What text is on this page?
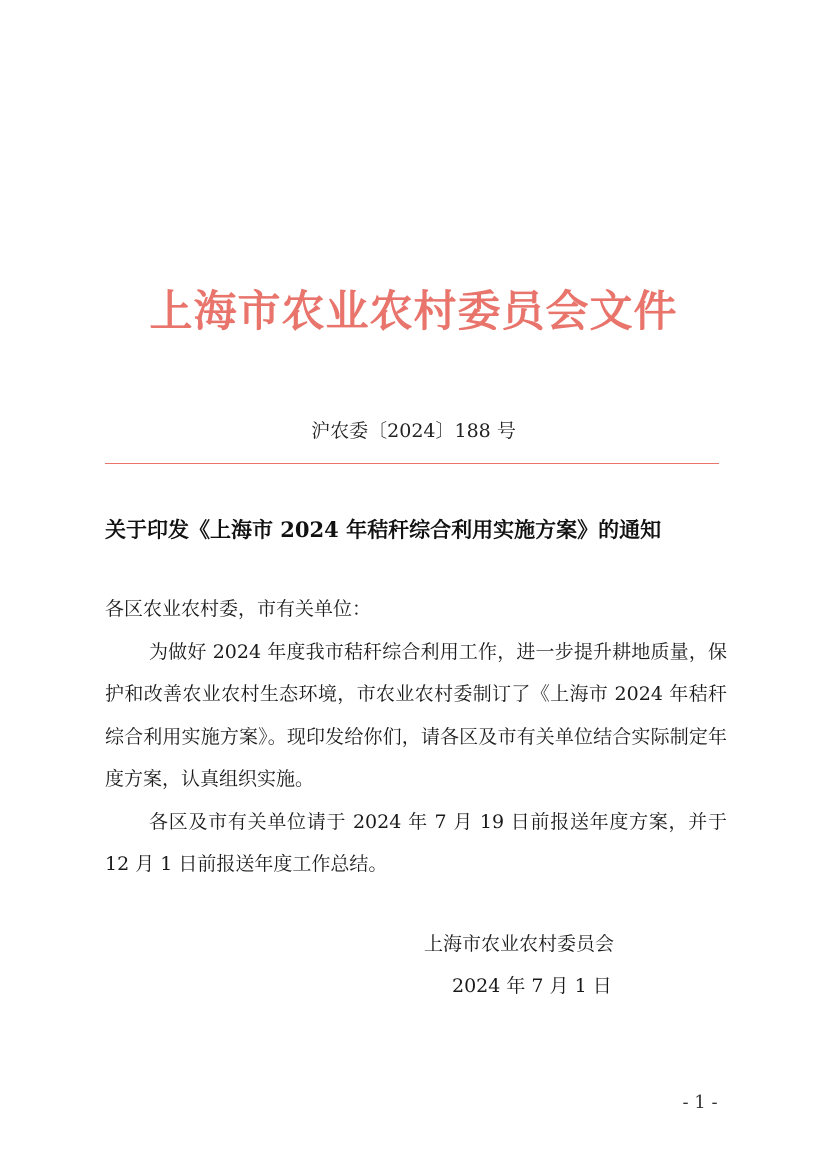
上海市农业农村委员会文件
沪农委〔2024〕188 号
关于印发《上海市 2024 年秸秆综合利用实施方案》的通知

各区农业农村委，市有关单位：

为做好 2024 年度我市秸秆综合利用工作，进一步提升耕地质量，保护和改善农业农村生态环境，市农业农村委制订了《上海市 2024 年秸秆综合利用实施方案》。现印发给你们，请各区及市有关单位结合实际制定年度方案，认真组织实施。

各区及市有关单位请于 2024 年 7 月 19 日前报送年度方案，并于 12 月 1 日前报送年度工作总结。

上海市农业农村委员会
2024 年 7 月 1 日
- 1 -
